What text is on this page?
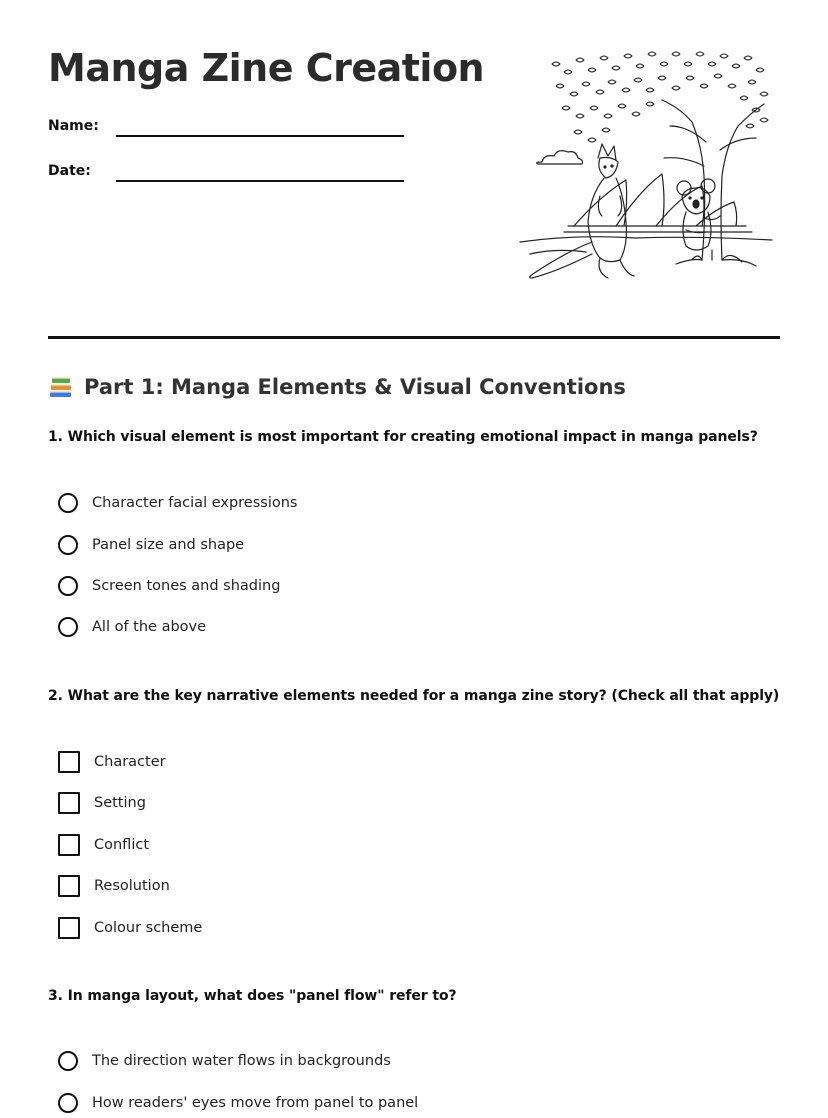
Manga Zine Creation
Name:
Date:
Part 1: Manga Elements & Visual Conventions

1. Which visual element is most important for creating emotional impact in manga panels?

Character facial expressions
Panel size and shape
Screen tones and shading
All of the above

2. What are the key narrative elements needed for a manga zine story? (Check all that apply)

Character
Setting
Conflict
Resolution
Colour scheme

3. In manga layout, what does "panel flow" refer to?

The direction water flows in backgrounds
How readers' eyes move from panel to panel
